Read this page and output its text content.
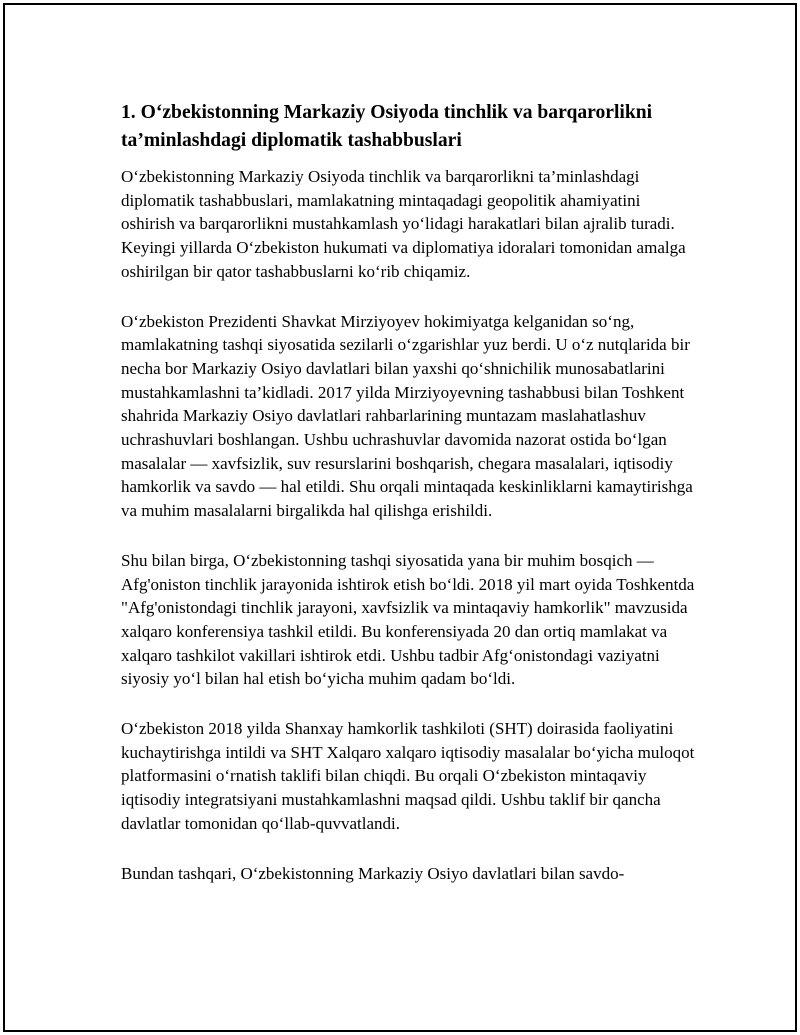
1. O‘zbekistonning Markaziy Osiyoda tinchlik va barqarorlikni ta’minlashdagi diplomatik tashabbuslari

O‘zbekistonning Markaziy Osiyoda tinchlik va barqarorlikni ta’minlashdagi diplomatik tashabbuslari, mamlakatning mintaqadagi geopolitik ahamiyatini oshirish va barqarorlikni mustahkamlash yo‘lidagi harakatlari bilan ajralib turadi. Keyingi yillarda O‘zbekiston hukumati va diplomatiya idoralari tomonidan amalga oshirilgan bir qator tashabbuslarni ko‘rib chiqamiz.

O‘zbekiston Prezidenti Shavkat Mirziyoyev hokimiyatga kelganidan so‘ng, mamlakatning tashqi siyosatida sezilarli o‘zgarishlar yuz berdi. U o‘z nutqlarida bir necha bor Markaziy Osiyo davlatlari bilan yaxshi qo‘shnichilik munosabatlarini mustahkamlashni ta’kidladi. 2017 yilda Mirziyoyevning tashabbusi bilan Toshkent shahrida Markaziy Osiyo davlatlari rahbarlarining muntazam maslahatlashuv uchrashuvlari boshlangan. Ushbu uchrashuvlar davomida nazorat ostida bo‘lgan masalalar — xavfsizlik, suv resurslarini boshqarish, chegara masalalari, iqtisodiy hamkorlik va savdo — hal etildi. Shu orqali mintaqada keskinliklarni kamaytirishga va muhim masalalarni birgalikda hal qilishga erishildi.

Shu bilan birga, O‘zbekistonning tashqi siyosatida yana bir muhim bosqich — Afg'oniston tinchlik jarayonida ishtirok etish bo‘ldi. 2018 yil mart oyida Toshkentda "Afg'onistondagi tinchlik jarayoni, xavfsizlik va mintaqaviy hamkorlik" mavzusida xalqaro konferensiya tashkil etildi. Bu konferensiyada 20 dan ortiq mamlakat va xalqaro tashkilot vakillari ishtirok etdi. Ushbu tadbir Afg‘onistondagi vaziyatni siyosiy yo‘l bilan hal etish bo‘yicha muhim qadam bo‘ldi.

O‘zbekiston 2018 yilda Shanxay hamkorlik tashkiloti (SHT) doirasida faoliyatini kuchaytirishga intildi va SHT Xalqaro xalqaro iqtisodiy masalalar bo‘yicha muloqot platformasini o‘rnatish taklifi bilan chiqdi. Bu orqali O‘zbekiston mintaqaviy iqtisodiy integratsiyani mustahkamlashni maqsad qildi. Ushbu taklif bir qancha davlatlar tomonidan qo‘llab-quvvatlandi.

Bundan tashqari, O‘zbekistonning Markaziy Osiyo davlatlari bilan savdo-
